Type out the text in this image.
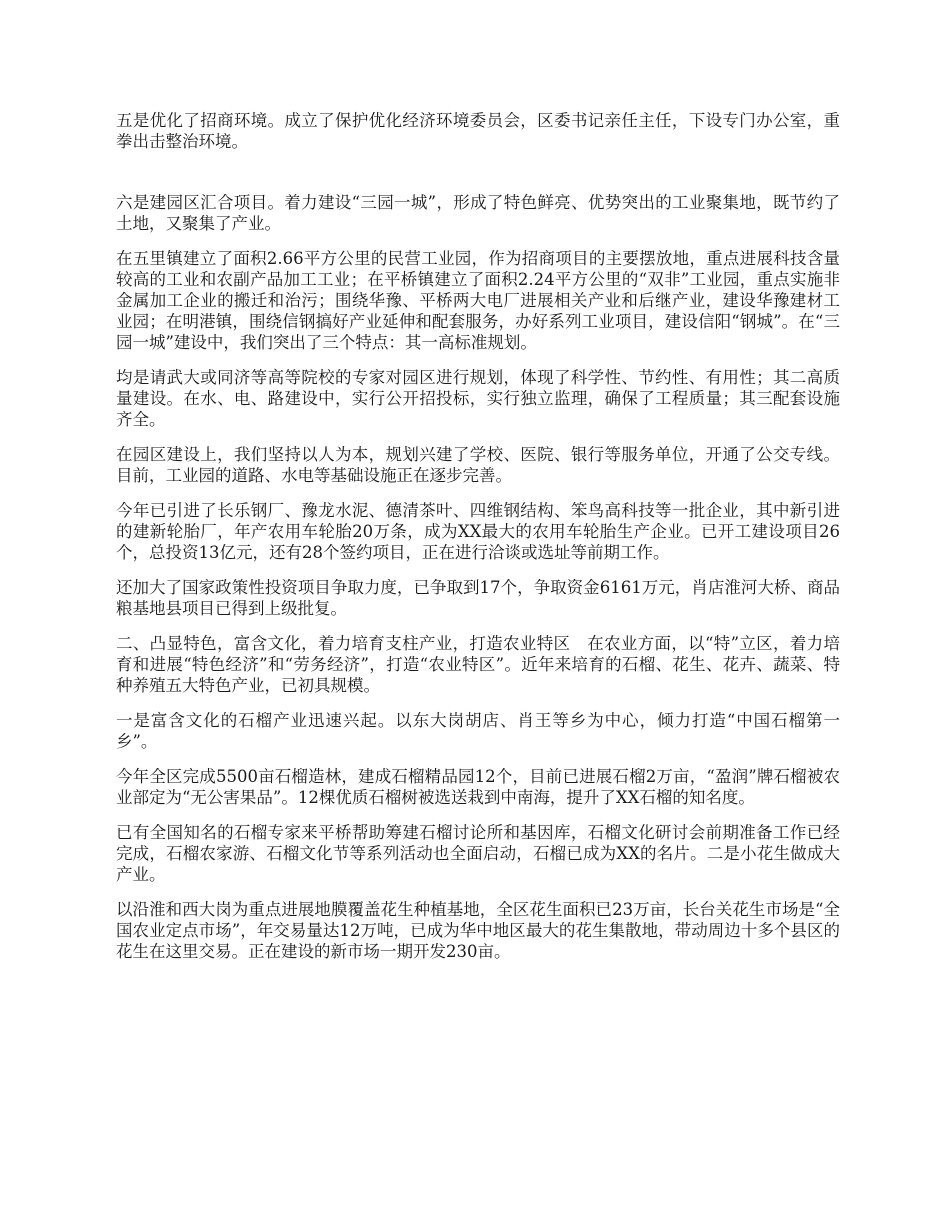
五是优化了招商环境。成立了保护优化经济环境委员会，区委书记亲任主任，下设专门办公室，重拳出击整治环境。

六是建园区汇合项目。着力建设“三园一城”，形成了特色鲜亮、优势突出的工业聚集地，既节约了土地，又聚集了产业。

在五里镇建立了面积2.66平方公里的民营工业园，作为招商项目的主要摆放地，重点进展科技含量较高的工业和农副产品加工工业；在平桥镇建立了面积2.24平方公里的“双非”工业园，重点实施非金属加工企业的搬迁和治污；围绕华豫、平桥两大电厂进展相关产业和后继产业，建设华豫建材工业园；在明港镇，围绕信钢搞好产业延伸和配套服务，办好系列工业项目，建设信阳“钢城”。在“三园一城”建设中，我们突出了三个特点：其一高标准规划。

均是请武大或同济等高等院校的专家对园区进行规划，体现了科学性、节约性、有用性；其二高质量建设。在水、电、路建设中，实行公开招投标，实行独立监理，确保了工程质量；其三配套设施齐全。

在园区建设上，我们坚持以人为本，规划兴建了学校、医院、银行等服务单位，开通了公交专线。目前，工业园的道路、水电等基础设施正在逐步完善。

今年已引进了长乐钢厂、豫龙水泥、德清茶叶、四维钢结构、笨鸟高科技等一批企业，其中新引进的建新轮胎厂，年产农用车轮胎20万条，成为XX最大的农用车轮胎生产企业。已开工建设项目26个，总投资13亿元，还有28个签约项目，正在进行洽谈或选址等前期工作。

还加大了国家政策性投资项目争取力度，已争取到17个，争取资金6161万元，肖店淮河大桥、商品粮基地县项目已得到上级批复。

二、凸显特色，富含文化，着力培育支柱产业，打造农业特区　在农业方面，以“特”立区，着力培育和进展“特色经济”和“劳务经济”，打造“农业特区”。近年来培育的石榴、花生、花卉、蔬菜、特种养殖五大特色产业，已初具规模。

一是富含文化的石榴产业迅速兴起。以东大岗胡店、肖王等乡为中心，倾力打造“中国石榴第一乡”。

今年全区完成5500亩石榴造林，建成石榴精品园12个，目前已进展石榴2万亩，“盈润”牌石榴被农业部定为“无公害果品”。12棵优质石榴树被选送栽到中南海，提升了XX石榴的知名度。

已有全国知名的石榴专家来平桥帮助筹建石榴讨论所和基因库，石榴文化研讨会前期准备工作已经完成，石榴农家游、石榴文化节等系列活动也全面启动，石榴已成为XX的名片。二是小花生做成大产业。

以沿淮和西大岗为重点进展地膜覆盖花生种植基地，全区花生面积已23万亩，长台关花生市场是“全国农业定点市场”，年交易量达12万吨，已成为华中地区最大的花生集散地，带动周边十多个县区的花生在这里交易。正在建设的新市场一期开发230亩。
